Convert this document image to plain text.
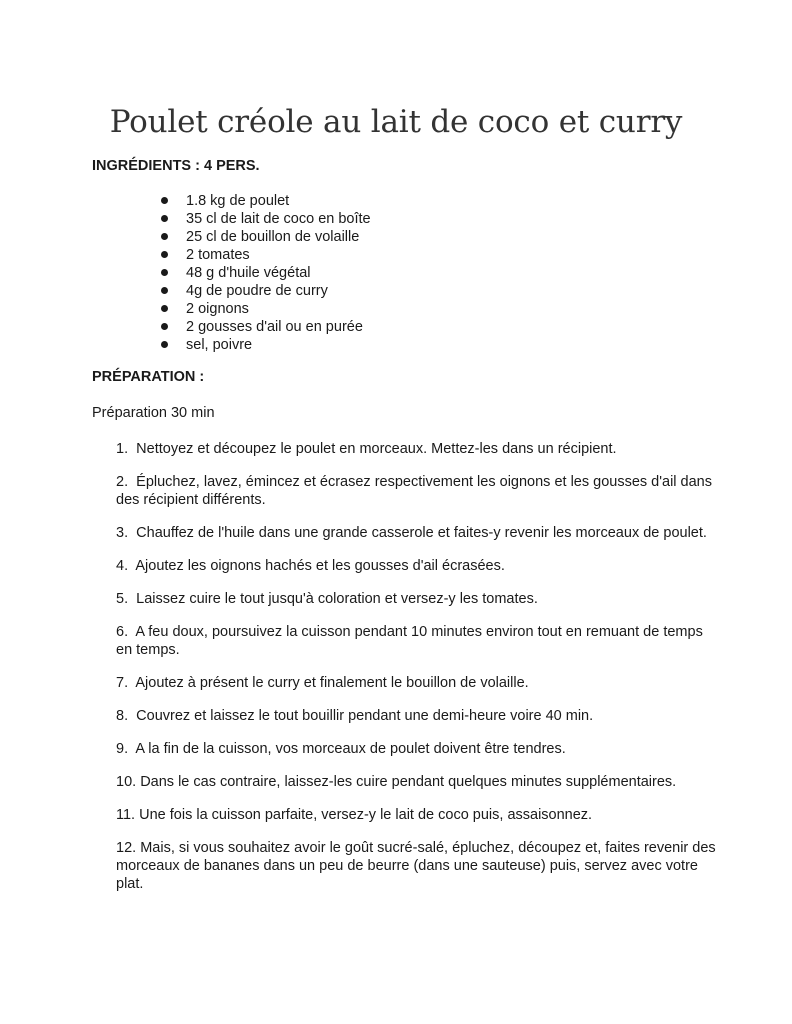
Poulet créole au lait de coco et curry

INGRÉDIENTS : 4 PERS.

1.8 kg de poulet
35 cl de lait de coco en boîte
25 cl de bouillon de volaille
2 tomates
48 g d'huile végétal
4g de poudre de curry
2 oignons
2 gousses d'ail ou en purée
sel, poivre

PRÉPARATION :

Préparation 30 min

1. Nettoyez et découpez le poulet en morceaux. Mettez-les dans un récipient.
2. Épluchez, lavez, émincez et écrasez respectivement les oignons et les gousses d'ail dans des récipient différents.
3. Chauffez de l'huile dans une grande casserole et faites-y revenir les morceaux de poulet.
4. Ajoutez les oignons hachés et les gousses d'ail écrasées.
5. Laissez cuire le tout jusqu'à coloration et versez-y les tomates.
6. A feu doux, poursuivez la cuisson pendant 10 minutes environ tout en remuant de temps en temps.
7. Ajoutez à présent le curry et finalement le bouillon de volaille.
8. Couvrez et laissez le tout bouillir pendant une demi-heure voire 40 min.
9. A la fin de la cuisson, vos morceaux de poulet doivent être tendres.
10. Dans le cas contraire, laissez-les cuire pendant quelques minutes supplémentaires.
11. Une fois la cuisson parfaite, versez-y le lait de coco puis, assaisonnez.
12. Mais, si vous souhaitez avoir le goût sucré-salé, épluchez, découpez et, faites revenir des morceaux de bananes dans un peu de beurre (dans une sauteuse) puis, servez avec votre plat.
